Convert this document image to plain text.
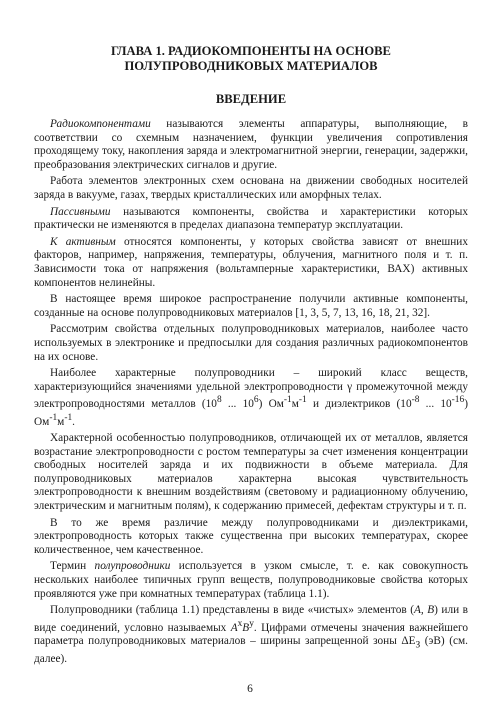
ГЛАВА 1. РАДИОКОМПОНЕНТЫ НА ОСНОВЕ
ПОЛУПРОВОДНИКОВЫХ МАТЕРИАЛОВ
ВВЕДЕНИЕ

Радиокомпонентами называются элементы аппаратуры, выполняющие, в соответствии со схемным назначением, функции увеличения сопротивления проходящему току, накопления заряда и электромагнитной энергии, генерации, задержки, преобразования электрических сигналов и другие.

Работа элементов электронных схем основана на движении свободных носителей заряда в вакууме, газах, твердых кристаллических или аморфных телах.

Пассивными называются компоненты, свойства и характеристики которых практически не изменяются в пределах диапазона температур эксплуатации.

К активным относятся компоненты, у которых свойства зависят от внешних факторов, например, напряжения, температуры, облучения, магнитного поля и т. п. Зависимости тока от напряжения (вольтамперные характеристики, ВАХ) активных компонентов нелинейны.

В настоящее время широкое распространение получили активные компоненты, созданные на основе полупроводниковых материалов [1, 3, 5, 7, 13, 16, 18, 21, 32].

Рассмотрим свойства отдельных полупроводниковых материалов, наиболее часто используемых в электронике и предпосылки для создания различных радиокомпонентов на их основе.

Наиболее характерные полупроводники – широкий класс веществ, характеризующийся значениями удельной электропроводности γ промежуточной между электропроводностями металлов ($10^8$ ... $10^6$) $Ом^{-1}м^{-1}$ и диэлектриков ($10^{-8}$ ... $10^{-16}$) $Ом^{-1}м^{-1}$.

Характерной особенностью полупроводников, отличающей их от металлов, является возрастание электропроводности с ростом температуры за счет изменения концентрации свободных носителей заряда и их подвижности в объеме материала. Для полупроводниковых материалов характерна высокая чувствительность электропроводности к внешним воздействиям (световому и радиационному облучению, электрическим и магнитным полям), к содержанию примесей, дефектам структуры и т. п.

В то же время различие между полупроводниками и диэлектриками, электропроводность которых также существенна при высоких температурах, скорее количественное, чем качественное.

Термин полупроводники используется в узком смысле, т. е. как совокупность нескольких наиболее типичных групп веществ, полупроводниковые свойства которых проявляются уже при комнатных температурах (таблица 1.1).

Полупроводники (таблица 1.1) представлены в виде «чистых» элементов (A, B) или в виде соединений, условно называемых $A^xB^y$. Цифрами отмечены значения важнейшего параметра полупроводниковых материалов – ширины запрещенной зоны $\Delta E_З$ (эВ) (см. далее).

6
